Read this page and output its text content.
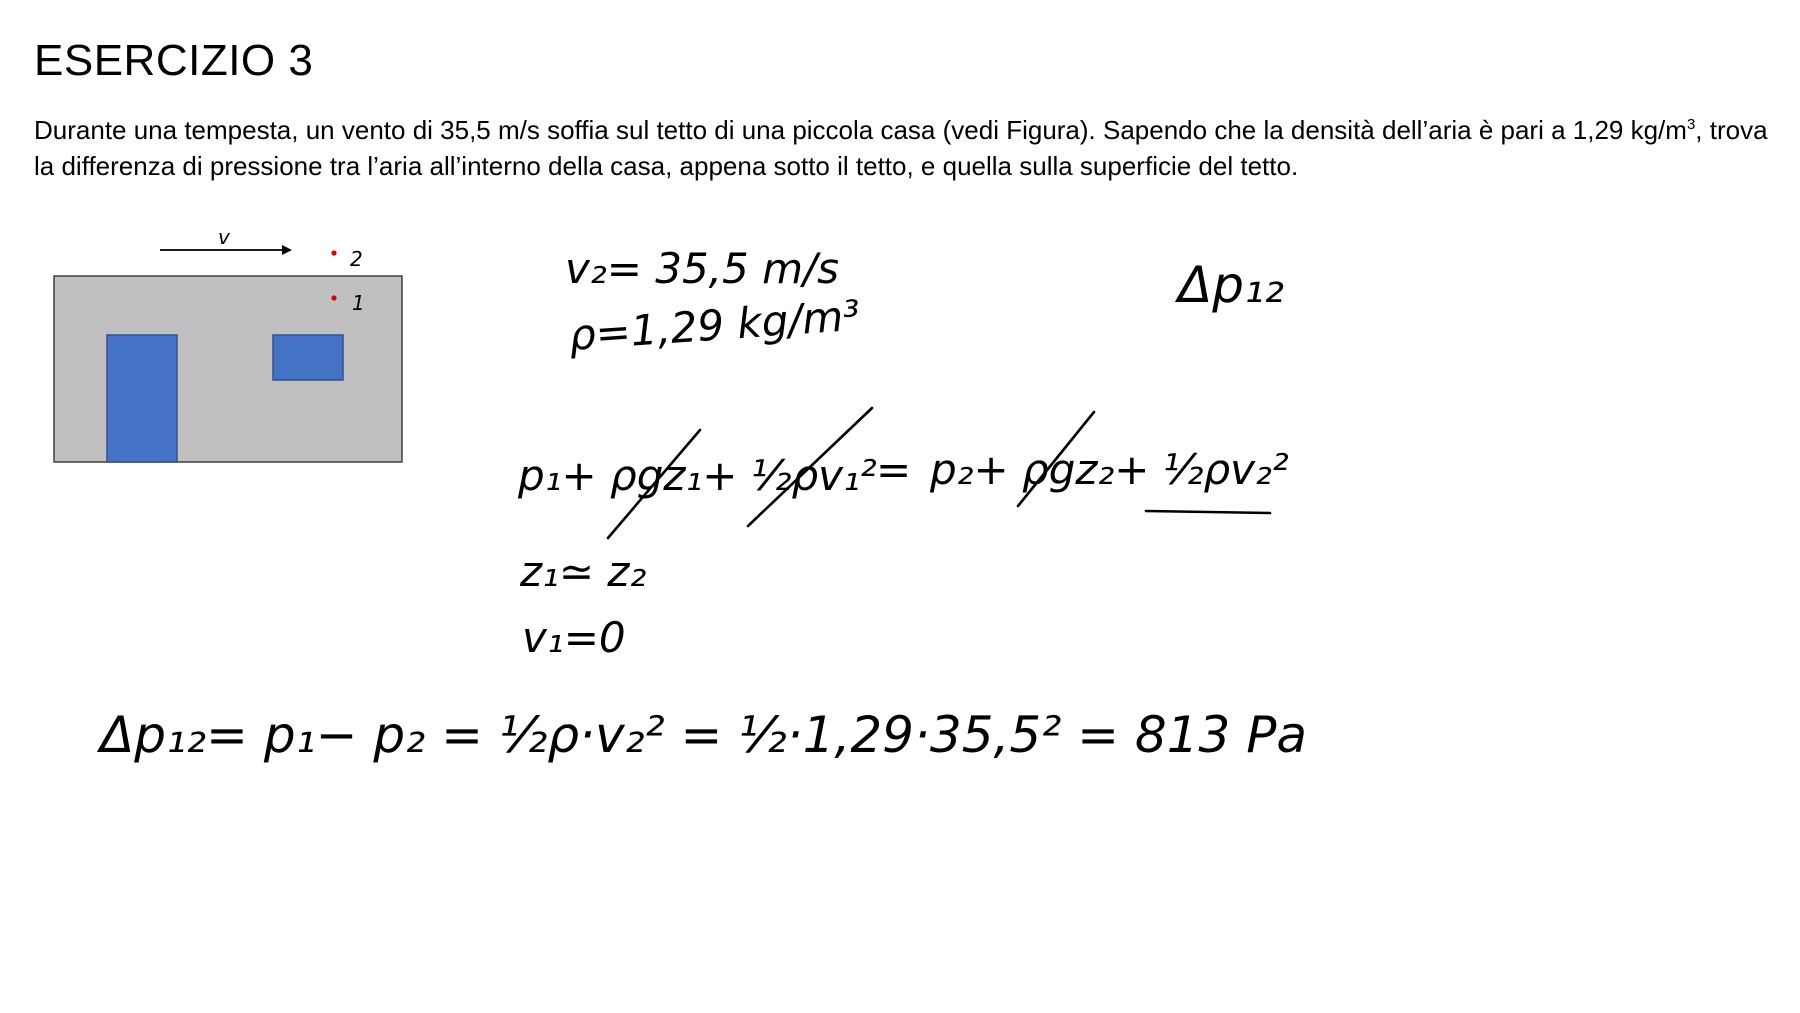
ESERCIZIO 3

Durante una tempesta, un vento di 35,5 m/s soffia sul tetto di una piccola casa (vedi Figura). Sapendo che la densità dell’aria è pari a 1,29 $kg/m^3$, trova la differenza di pressione tra l’aria all’interno della casa, appena sotto il tetto, e quella sulla superficie del tetto.

v
2
1
v₂= 35,5 m/s
ρ=1,29 kg/m³
Δp₁₂
p₁+ ρgz₁+ ½ρv₁² = p₂+ ρgz₂+ ½ρv₂²
z₁≃ z₂
v₁=0
Δp₁₂= p₁− p₂ = ½ρ·v₂² = ½·1,29·35,5² = 813 Pa
